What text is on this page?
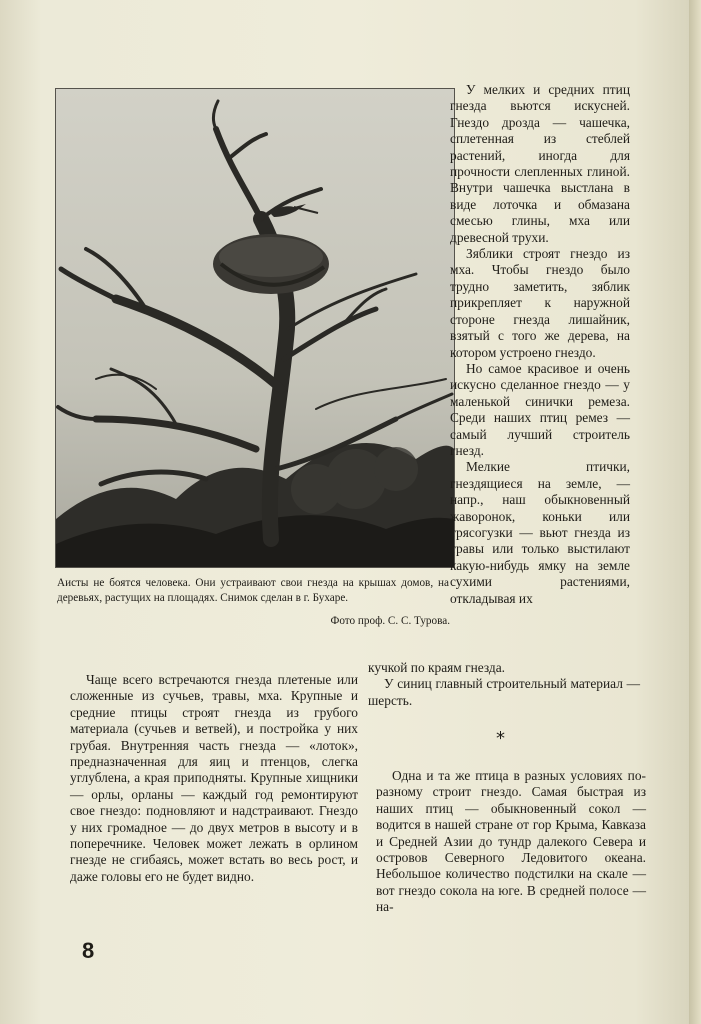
Аисты не боятся человека. Они устраивают свои гнезда на крышах домов, на деревьях, растущих на площадях. Снимок сделан в г. Бухаре.
Фото проф. С. С. Турова.

У мелких и средних птиц гнезда вьются искусней. Гнездо дрозда — чашечка, сплетенная из стеблей растений, иногда для прочности слепленных глиной. Внутри чашечка выстлана в виде лоточка и обмазана смесью глины, мха или древесной трухи.

Зяблики строят гнездо из мха. Чтобы гнездо было трудно заметить, зяблик прикрепляет к наружной стороне гнезда лишайник, взятый с того же дерева, на котором устроено гнездо.

Но самое красивое и очень искусно сделанное гнездо — у маленькой синички ремеза. Среди наших птиц ремез — самый лучший строитель гнезд.

Мелкие птички, гнездящиеся на земле, — напр., наш обыкновенный жаворонок, коньки или трясогузки — вьют гнезда из травы или только выстилают какую-нибудь ямку на земле сухими растениями, откладывая их

кучкой по краям гнезда.

У синиц главный строительный материал — шерсть.

Чаще всего встречаются гнезда плетеные или сложенные из сучьев, травы, мха. Крупные и средние птицы строят гнезда из грубого материала (сучьев и ветвей), и постройка у них грубая. Внутренняя часть гнезда — «лоток», предназначенная для яиц и птенцов, слегка углублена, а края приподняты. Крупные хищники — орлы, орланы — каждый год ремонтируют свое гнездо: подновляют и надстраивают. Гнездо у них громадное — до двух метров в высоту и в поперечнике. Человек может лежать в орлином гнезде не сгибаясь, может встать во весь рост, и даже головы его не будет видно.

*

Одна и та же птица в разных условиях по-разному строит гнездо. Самая быстрая из наших птиц — обыкновенный сокол — водится в нашей стране от гор Крыма, Кавказа и Средней Азии до тундр далекого Севера и островов Северного Ледовитого океана. Небольшое количество подстилки на скале — вот гнездо сокола на юге. В средней полосе — на-

8
